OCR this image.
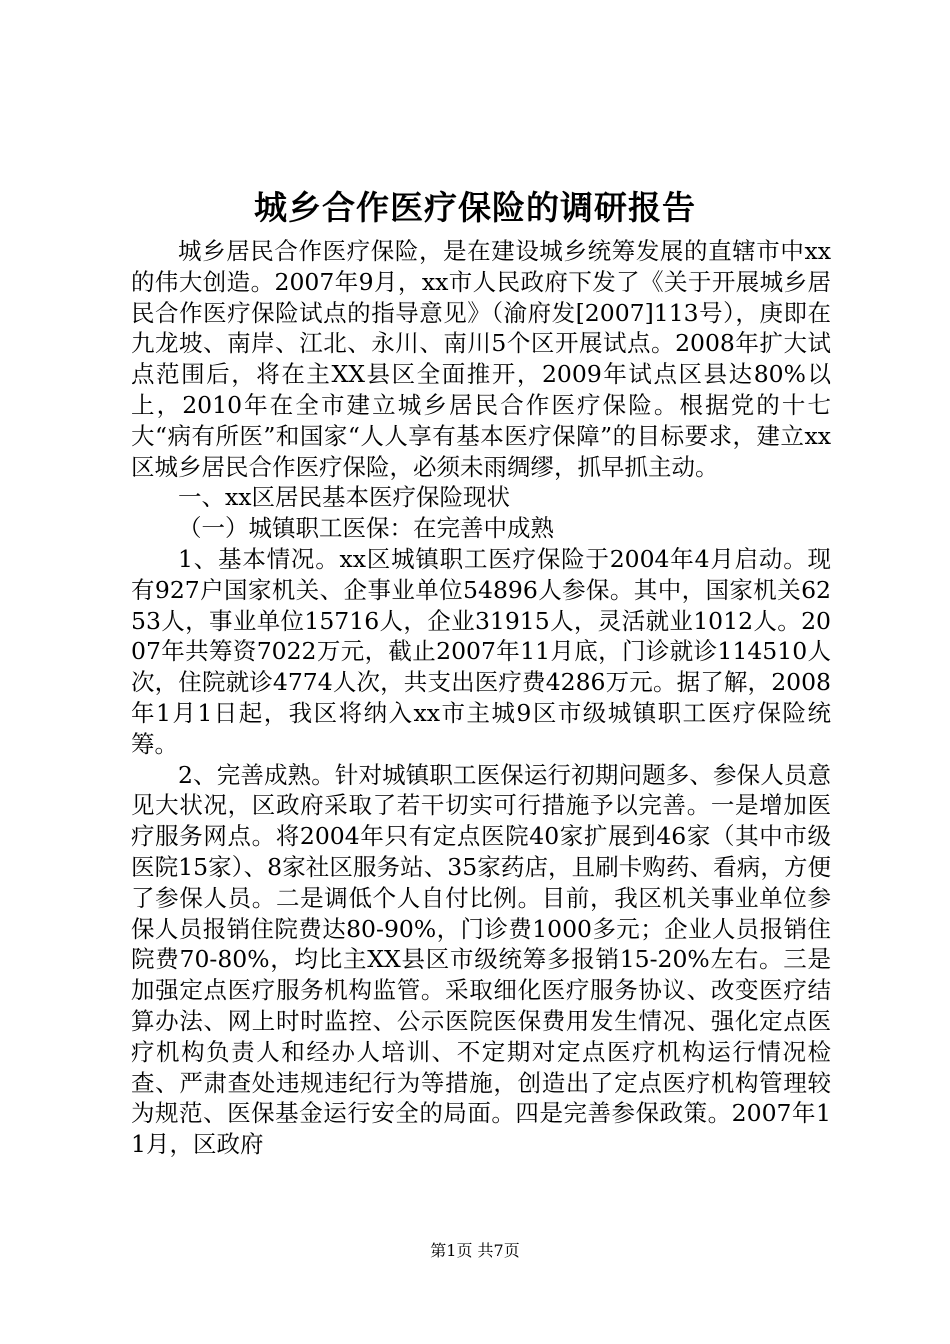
城乡合作医疗保险的调研报告

城乡居民合作医疗保险，是在建设城乡统筹发展的直辖市中xx的伟大创造。2007年9月，xx市人民政府下发了《关于开展城乡居民合作医疗保险试点的指导意见》（渝府发[2007]113号），庚即在九龙坡、南岸、江北、永川、南川5个区开展试点。2008年扩大试点范围后，将在主XX县区全面推开，2009年试点区县达80%以上，2010年在全市建立城乡居民合作医疗保险。根据党的十七大“病有所医”和国家“人人享有基本医疗保障”的目标要求，建立xx区城乡居民合作医疗保险，必须未雨绸缪，抓早抓主动。

一、xx区居民基本医疗保险现状

（一）城镇职工医保：在完善中成熟

1、基本情况。xx区城镇职工医疗保险于2004年4月启动。现有927户国家机关、企事业单位54896人参保。其中，国家机关6253人，事业单位15716人，企业31915人，灵活就业1012人。2007年共筹资7022万元，截止2007年11月底，门诊就诊114510人次，住院就诊4774人次，共支出医疗费4286万元。据了解，2008年1月1日起，我区将纳入xx市主城9区市级城镇职工医疗保险统筹。

2、完善成熟。针对城镇职工医保运行初期问题多、参保人员意见大状况，区政府采取了若干切实可行措施予以完善。一是增加医疗服务网点。将2004年只有定点医院40家扩展到46家（其中市级医院15家）、8家社区服务站、35家药店，且刷卡购药、看病，方便了参保人员。二是调低个人自付比例。目前，我区机关事业单位参保人员报销住院费达80-90%，门诊费1000多元；企业人员报销住院费70-80%，均比主XX县区市级统筹多报销15-20%左右。三是加强定点医疗服务机构监管。采取细化医疗服务协议、改变医疗结算办法、网上时时监控、公示医院医保费用发生情况、强化定点医疗机构负责人和经办人培训、不定期对定点医疗机构运行情况检查、严肃查处违规违纪行为等措施，创造出了定点医疗机构管理较为规范、医保基金运行安全的局面。四是完善参保政策。2007年11月，区政府

第1页 共7页
